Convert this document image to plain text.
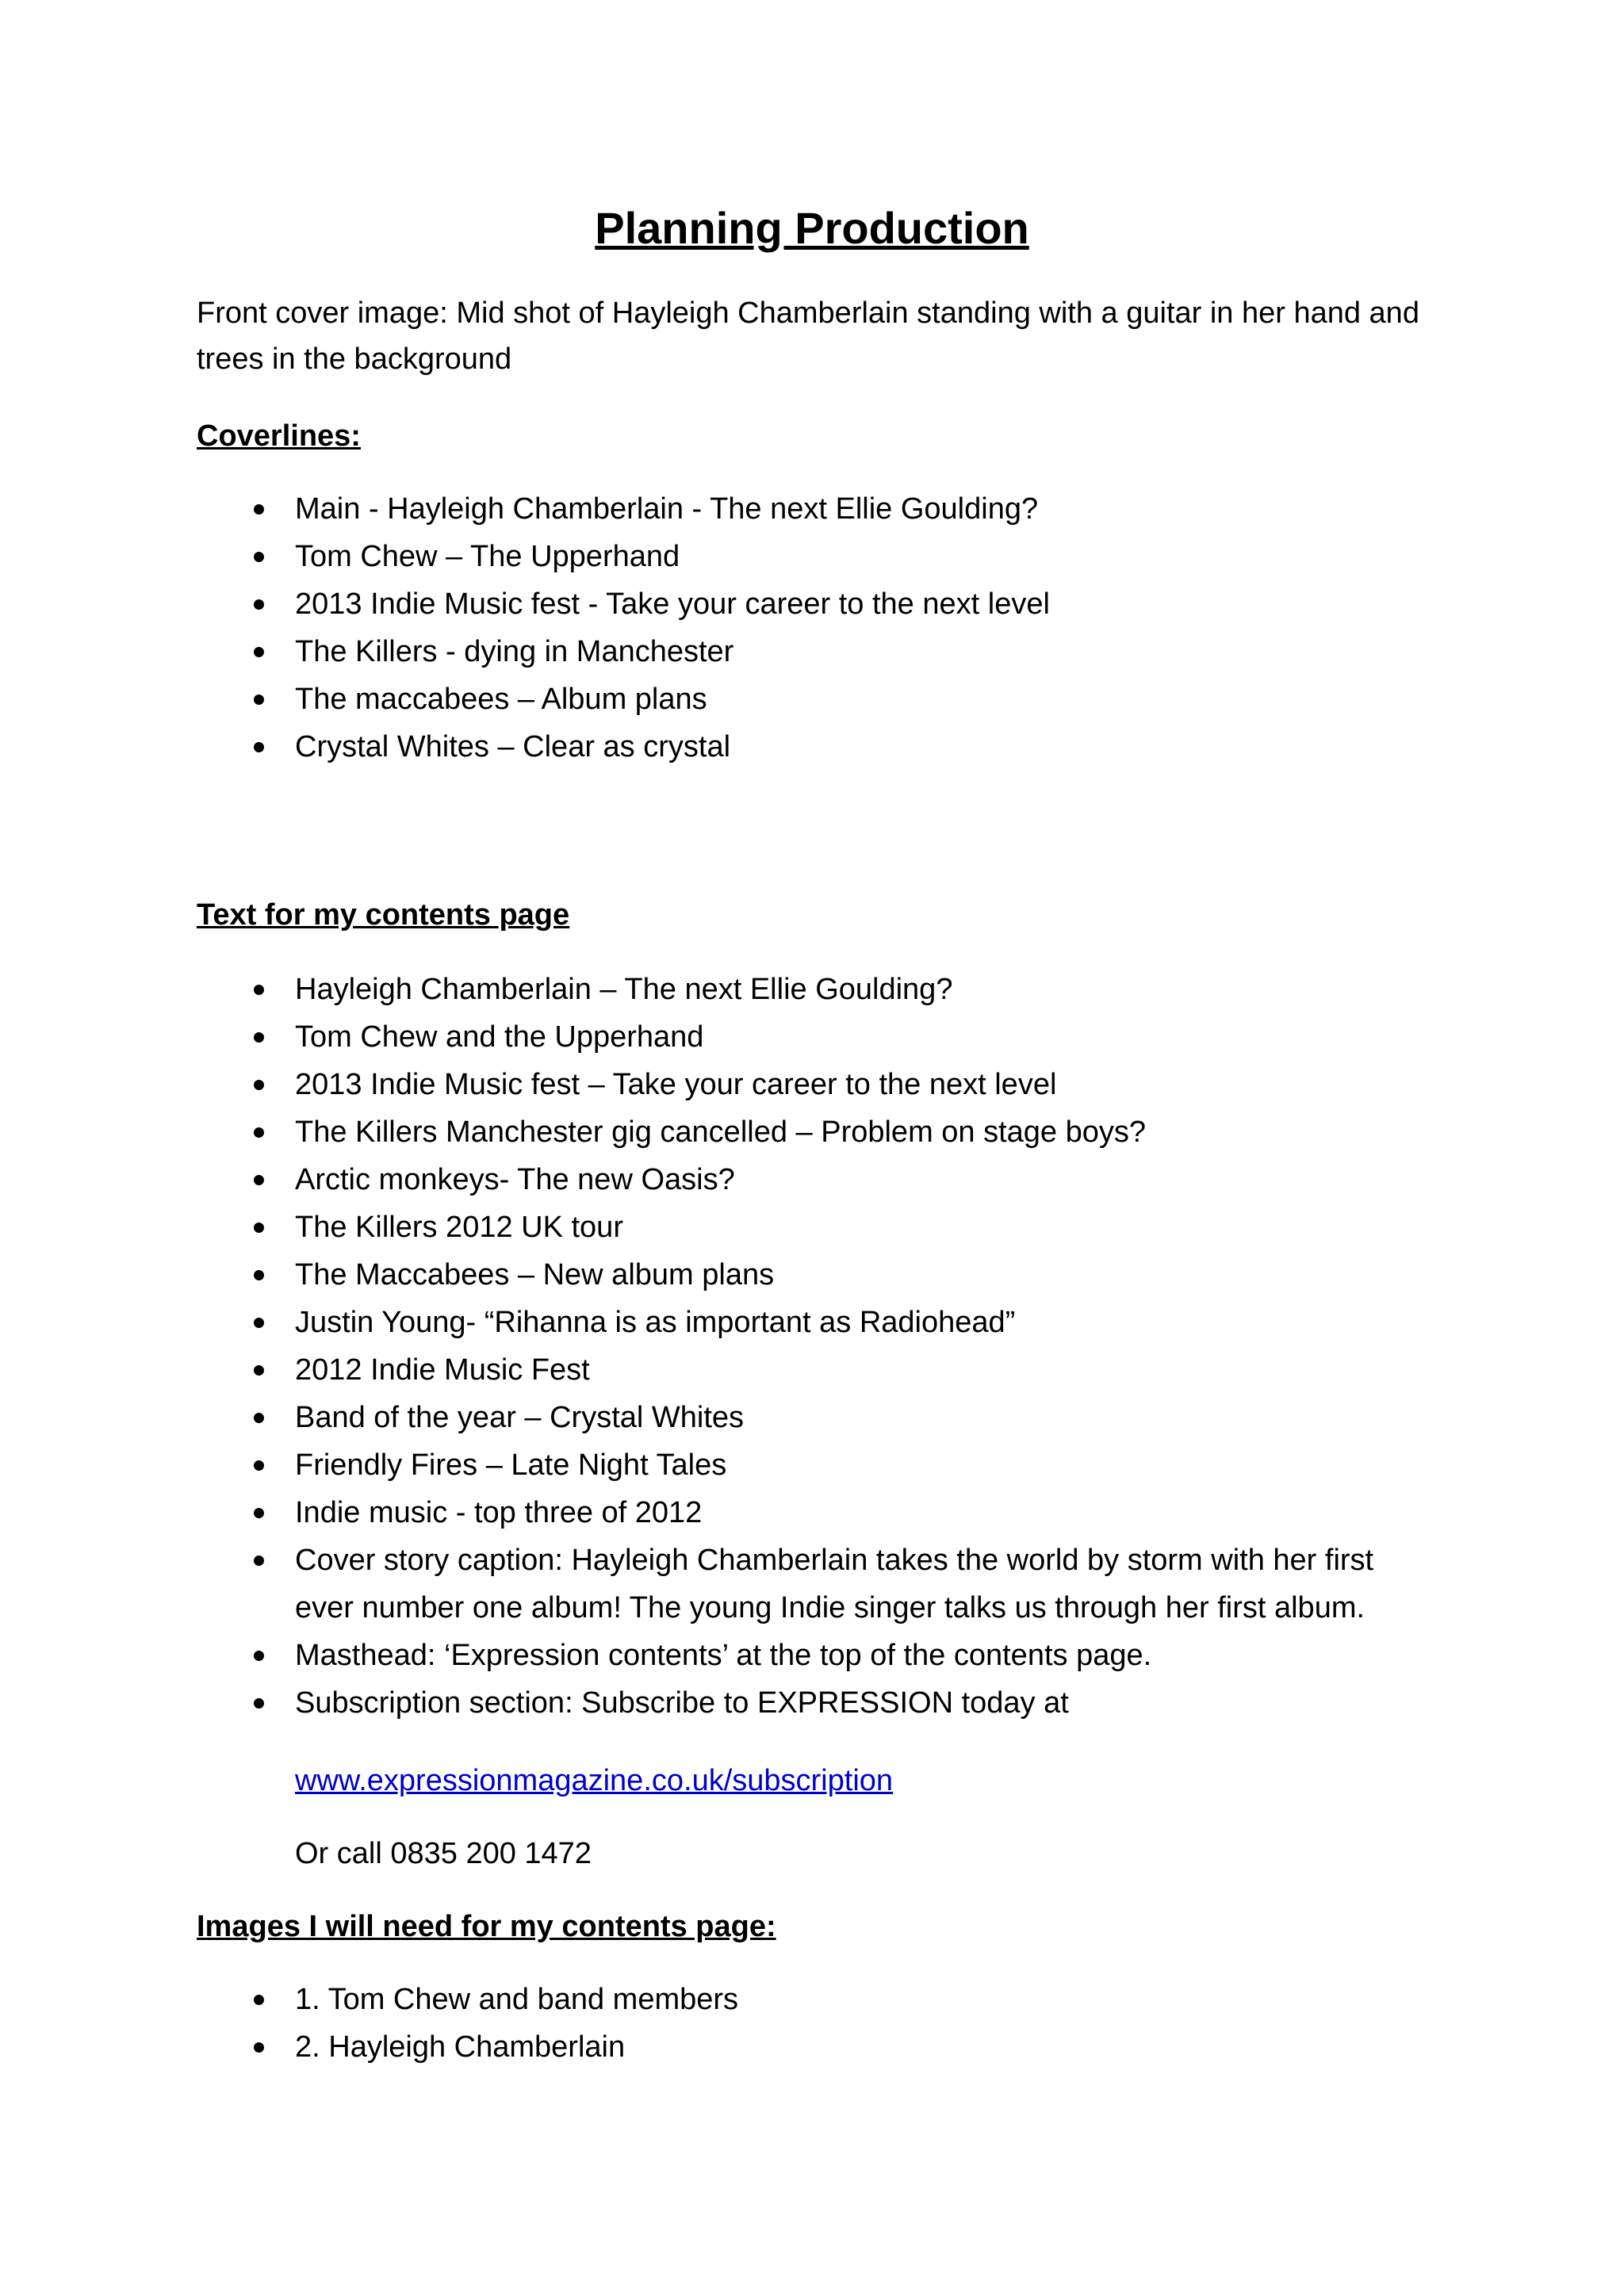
Planning Production

Front cover image: Mid shot of Hayleigh Chamberlain standing with a guitar in her hand and trees in the background

Coverlines:

Main - Hayleigh Chamberlain - The next Ellie Goulding?
Tom Chew – The Upperhand
2013 Indie Music fest - Take your career to the next level
The Killers - dying in Manchester
The maccabees – Album plans
Crystal Whites – Clear as crystal

Text for my contents page

Hayleigh Chamberlain – The next Ellie Goulding?
Tom Chew and the Upperhand
2013 Indie Music fest – Take your career to the next level
The Killers Manchester gig cancelled – Problem on stage boys?
Arctic monkeys- The new Oasis?
The Killers 2012 UK tour
The Maccabees – New album plans
Justin Young- “Rihanna is as important as Radiohead”
2012 Indie Music Fest
Band of the year – Crystal Whites
Friendly Fires – Late Night Tales
Indie music - top three of 2012
Cover story caption: Hayleigh Chamberlain takes the world by storm with her first ever number one album! The young Indie singer talks us through her first album.
Masthead: ‘Expression contents’ at the top of the contents page.
Subscription section: Subscribe to EXPRESSION today at

www.expressionmagazine.co.uk/subscription

Or call 0835 200 1472

Images I will need for my contents page:

1. Tom Chew and band members
2. Hayleigh Chamberlain
